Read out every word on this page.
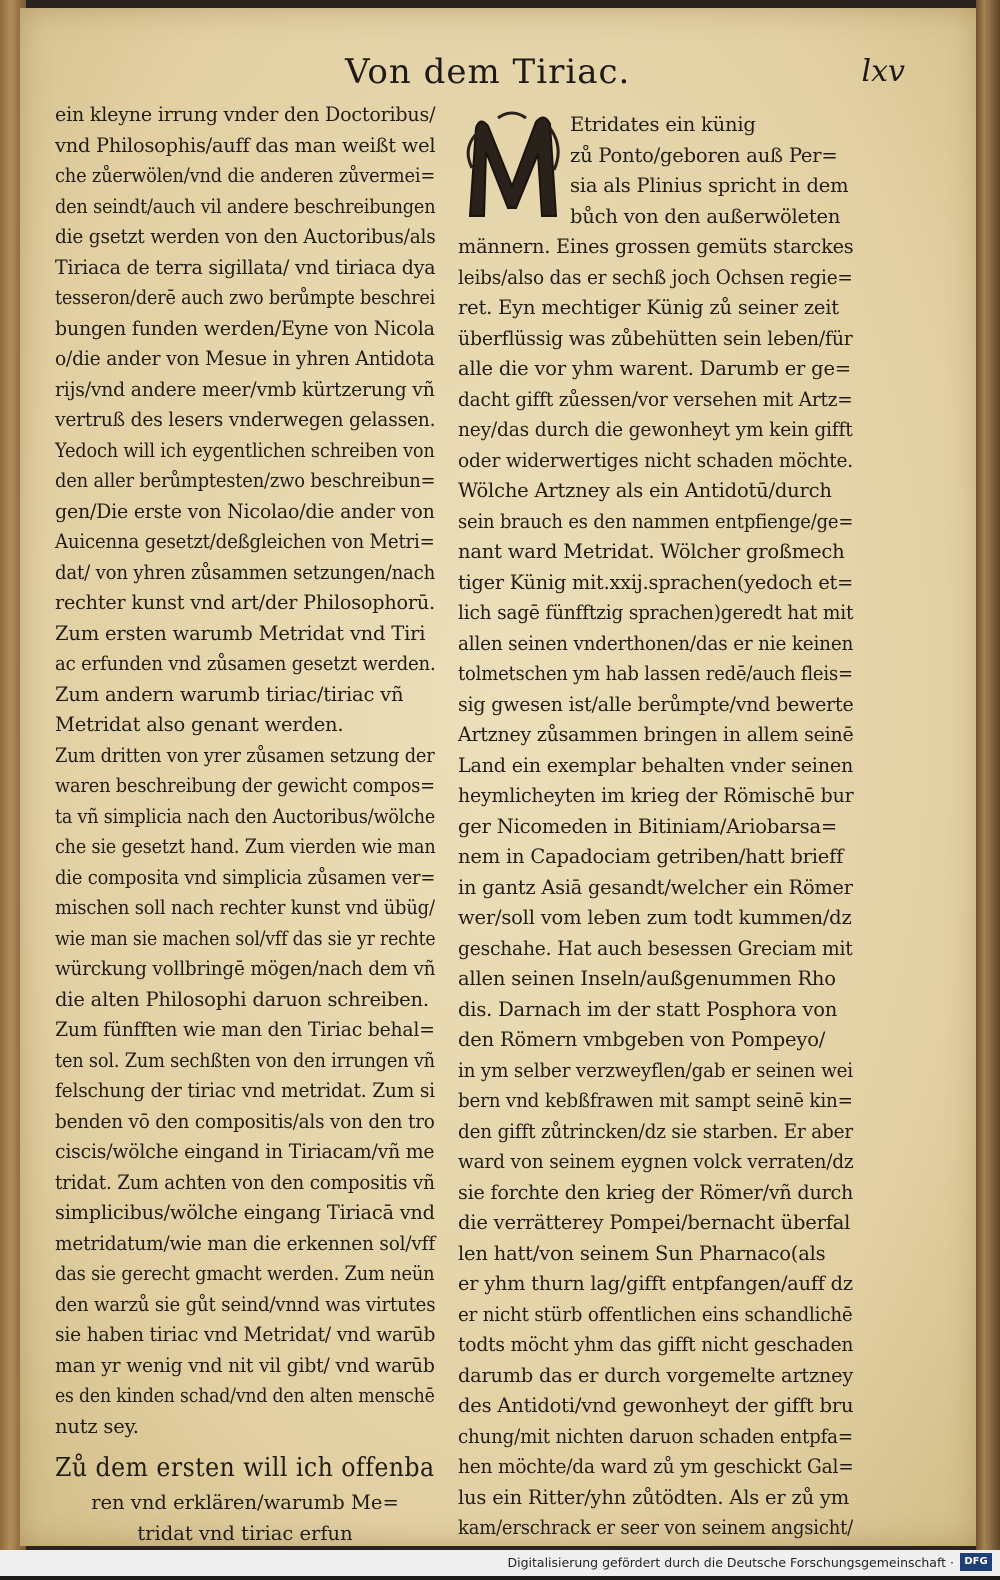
Von dem Tiriac.	lxv
ein kleyne irrung vnder den Doctoribus/
vnd Philosophis/auff das man weißt wel
che zůerwölen/vnd die anderen zůvermei=
den seindt/auch vil andere beschreibungen
die gsetzt werden von den Auctoribus/als
Tiriaca de terra sigillata/ vnd tiriaca dya
tesseron/derē auch zwo berůmpte beschrei
bungen funden werden/Eyne von Nicola
o/die ander von Mesue in yhren Antidota
rijs/vnd andere meer/vmb kürtzerung vñ
vertruß des lesers vnderwegen gelassen.
Yedoch will ich eygentlichen schreiben von
den aller berůmptesten/zwo beschreibun=
gen/Die erste von Nicolao/die ander von
Auicenna gesetzt/deßgleichen von Metri=
dat/ von yhren zůsammen setzungen/nach
rechter kunst vnd art/der Philosophorū.
Zum ersten warumb Metridat vnd Tiri
ac erfunden vnd zůsamen gesetzt werden.
Zum andern warumb tiriac/tiriac vñ
Metridat also genant werden.
Zum dritten von yrer zůsamen setzung der
waren beschreibung der gewicht compos=
ta vñ simplicia nach den Auctoribus/wölche
che sie gesetzt hand. Zum vierden wie man
die composita vnd simplicia zůsamen ver=
mischen soll nach rechter kunst vnd übüg/
wie man sie machen sol/vff das sie yr rechte
würckung vollbringē mögen/nach dem vñ
die alten Philosophi daruon schreiben.
Zum fünfften wie man den Tiriac behal=
ten sol. Zum sechßten von den irrungen vñ
felschung der tiriac vnd metridat. Zum si
benden vō den compositis/als von den tro
ciscis/wölche eingand in Tiriacam/vñ me
tridat. Zum achten von den compositis vñ
simplicibus/wölche eingang Tiriacā vnd
metridatum/wie man die erkennen sol/vff
das sie gerecht gmacht werden. Zum neün
den warzů sie gůt seind/vnnd was virtutes
sie haben tiriac vnd Metridat/ vnd warūb
man yr wenig vnd nit vil gibt/ vnd warūb
es den kinden schad/vnd den alten menschē
nutz sey.
Zů dem ersten will ich offenba
ren vnd erklären/warumb Me=
tridat vnd tiriac erfun
M
Etridates ein künig
zů Ponto/geboren auß Per=
sia als Plinius spricht in dem
bůch von den außerwöleten
männern. Eines grossen gemüts starckes
leibs/also das er sechß joch Ochsen regie=
ret. Eyn mechtiger Künig zů seiner zeit
überflüssig was zůbehütten sein leben/für
alle die vor yhm warent. Darumb er ge=
dacht gifft zůessen/vor versehen mit Artz=
ney/das durch die gewonheyt ym kein gifft
oder widerwertiges nicht schaden möchte.
Wölche Artzney als ein Antidotū/durch
sein brauch es den nammen entpfienge/ge=
nant ward Metridat. Wölcher großmech
tiger Künig mit.xxij.sprachen(yedoch et=
lich sagē fünfftzig sprachen)geredt hat mit
allen seinen vnderthonen/das er nie keinen
tolmetschen ym hab lassen redē/auch fleis=
sig gwesen ist/alle berůmpte/vnd bewerte
Artzney zůsammen bringen in allem seinē
Land ein exemplar behalten vnder seinen
heymlicheyten im krieg der Römischē bur
ger Nicomeden in Bitiniam/Ariobarsa=
nem in Capadociam getriben/hatt brieff
in gantz Asiā gesandt/welcher ein Römer
wer/soll vom leben zum todt kummen/dz
geschahe. Hat auch besessen Greciam mit
allen seinen Inseln/außgenummen Rho
dis. Darnach im der statt Posphora von
den Römern vmbgeben von Pompeyo/
in ym selber verzweyflen/gab er seinen wei
bern vnd kebßfrawen mit sampt seinē kin=
den gifft zůtrincken/dz sie starben. Er aber
ward von seinem eygnen volck verraten/dz
sie forchte den krieg der Römer/vñ durch
die verrätterey Pompei/bernacht überfal
len hatt/von seinem Sun Pharnaco(als
er yhm thurn lag/gifft entpfangen/auff dz
er nicht stürb offentlichen eins schandlichē
todts möcht yhm das gifft nicht geschaden
darumb das er durch vorgemelte artzney
des Antidoti/vnd gewonheyt der gifft bru
chung/mit nichten daruon schaden entpfa=
hen möchte/da ward zů ym geschickt Gal=
lus ein Ritter/yhn zůtödten. Als er zů ym
kam/erschrack er seer von seinem angsicht/
Digitalisierung gefördert durch die Deutsche Forschungsgemeinschaft ·	DFG
